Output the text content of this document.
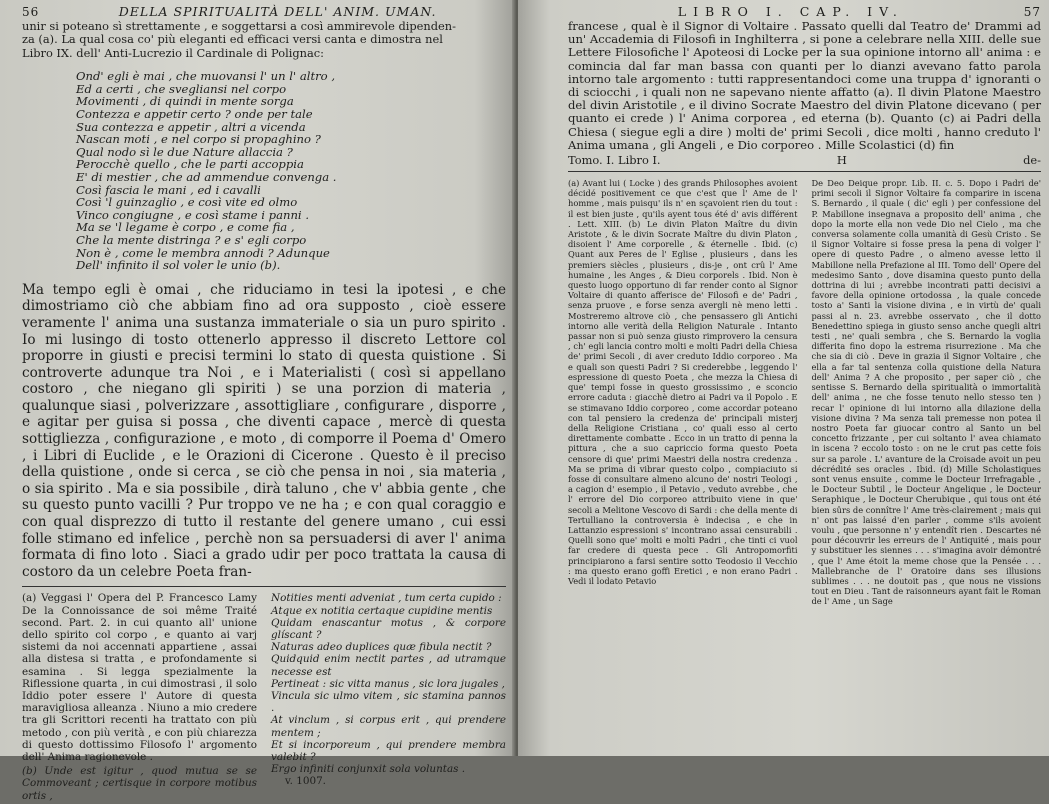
56	DELLA SPIRITUALITÀ DELL' ANIM. UMAN.

unir si poteano sì strettamente , e soggettarsi a così ammirevole dipenden-

za (a). La qual cosa co' più eleganti ed efficaci versi canta e dimostra nel

Libro IX. dell' Anti-Lucrezio il Cardinale di Polignac:

Ond' egli è mai , che muovansi l' un l' altro ,
Ed a certi , che svegliansi nel corpo
Movimenti , di quindi in mente sorga
Contezza e appetir certo ? onde per tale
Sua contezza e appetir , altri a vicenda
Nascan moti , e nel corpo si propaghino ?
Qual nodo sì le due Nature allaccia ?
Perocchè quello , che le parti accoppia
E' di mestier , che ad ammendue convenga .
Così fascia le mani , ed i cavalli
Così 'l guinzaglio , e così vite ed olmo
Vinco congiugne , e così stame i panni .
Ma se 'l legame è corpo , e come fia ,
Che la mente distringa ? e s' egli corpo
Non è , come le membra annodi ? Adunque
Dell' infinito il sol voler le unio (b).

Ma tempo egli è omai , che riduciamo in tesi la ipotesi , e che dimostriamo ciò che abbiam fino ad ora supposto , cioè essere veramente l' anima una sustanza immateriale o sia un puro spirito . Io mi lusingo di tosto ottenerlo appresso il discreto Lettore col proporre in giusti e precisi termini lo stato di questa quistione . Si controverte adunque tra Noi , e i Materialisti ( così si appellano costoro , che niegano gli spiriti ) se una porzion di materia , qualunque siasi , polverizzare , assottigliare , configurare , disporre , e agitar per guisa si possa , che diventi capace , mercè di questa sottigliezza , configurazione , e moto , di comporre il Poema d' Omero , i Libri di Euclide , e le Orazioni di Cicerone . Questo è il preciso della quistione , onde si cerca , se ciò che pensa in noi , sia materia , o sia spirito . Ma e sia possibile , dirà taluno , che v' abbia gente , che su questo punto vacilli ? Pur troppo ve ne ha ; e con qual coraggio e con qual disprezzo di tutto il restante del genere umano , cui essi folle stimano ed infelice , perchè non sa persuadersi di aver l' anima formata di fino loto . Siaci a grado udir per poco trattata la causa di costoro da un celebre Poeta fran-

(a) Veggasi l' Opera del P. Francesco Lamy De la Connoissance de soi même Traité second. Part. 2. in cui quanto all' unione dello spirito col corpo , e quanto ai varj sistemi da noi accennati appartiene , assai alla distesa si tratta , e profondamente si esamina . Si legga spezialmente la Riflessione quarta , in cui dimostrasi , il solo Iddio poter essere l' Autore di questa maravigliosa alleanza . Niuno a mio credere tra gli Scrittori recenti ha trattato con più metodo , con più verità , e con più chiarezza di questo dottissimo Filosofo l' argomento dell' Anima ragionevole .
(b) Unde est igitur , quod mutua se se Commoveant ; certisque in corpore motibus ortis ,
Notities menti adveniat , tum certa cupido :
Atque ex notitia certaque cupidine mentis
Quidam enascantur motus , & corpore glíscant ?
Naturas adeo duplices quæ fibula nectit ?
Quidquid enim nectit partes , ad utramque necesse est
Pertineat : sic vitta manus , sic lora jugales ,
Vincula sic ulmo vitem , sic stamina pannos .
At vinclum , si corpus erit , qui prendere mentem ;
Et si incorporeum , qui prendere membra valebit ?
Ergo infiniti conjunxit sola voluntas .
v. 1007.
LIBRO I. CAP. IV.	57

francese , qual è il Signor di Voltaire . Passato quelli dal Teatro de' Drammi ad un' Accademia di Filosofi in Inghilterra , si pone a celebrare nella XIII. delle sue Lettere Filosofiche l' Apoteosi di Locke per la sua opinione intorno all' anima : e comincia dal far man bassa con quanti per lo dianzi avevano fatto parola intorno tale argomento : tutti rappresentandoci come una truppa d' ignoranti o di sciocchi , i quali non ne sapevano niente affatto (a). Il divin Platone Maestro del divin Aristotile , e il divino Socrate Maestro del divin Platone dicevano ( per quanto ei crede ) l' Anima corporea , ed eterna (b). Quanto (c) ai Padri della Chiesa ( siegue egli a dire ) molti de' primi Secoli , dice molti , hanno creduto l' Anima umana , gli Angeli , e Dio corporeo . Mille Scolastici (d) fin

Tomo. I. Libro I.	H	de-
(a) Avant lui ( Locke ) des grands Philosophes avoient décidé positivement ce que c'est que l' Ame de l' homme , mais puisqu' ils n' en sçavoient rien du tout : il est bien juste , qu'ils ayent tous été d' avis différent . Lett. XIII. (b) Le divin Platon Maître du divin Aristote , & le divin Socrate Maître du divin Platon , disoient l' Ame corporelle , & éternelle . Ibid. (c) Quant aux Peres de l' Eglise , plusieurs , dans les premiers siècles , plusieurs , dis-je , ont crû l' Ame humaine , les Anges , & Dieu corporels . Ibid. Non è questo luogo opportuno di far render conto al Signor Voltaire di quanto afferisce de' Filosofi e de' Padri , senza pruove , e forse senza avergli nè meno letti . Mostreremo altrove ciò , che pensassero gli Antichi intorno alle verità della Religion Naturale . Intanto passar non si può senza giusto rimprovero la censura , ch' egli lancia contro molti e molti Padri della Chiesa de' primi Secoli , di aver creduto Iddio corporeo . Ma e quali son questi Padri ? Si crederebbe , leggendo l' espressione di questo Poeta , che mezza la Chiesa di que' tempi fosse in questo grossissimo , e sconcio errore caduta : giacchè dietro ai Padri va il Popolo . E se stimavano Iddio corporeo , come accordar poteano con tal pensiero la credenza de' principali misterj della Religione Cristiana , co' quali esso al certo direttamente combatte . Ecco in un tratto di penna la pittura , che a suo capriccio forma questo Poeta censore di que' primi Maestri della nostra credenza . Ma se prima di vibrar questo colpo , compiaciuto si fosse di consultare almeno alcuno de' nostri Teologi , a cagion d' esempio , il Petavio , veduto avrebbe , che l' errore del Dio corporeo attribuito viene in que' secoli a Melitone Vescovo di Sardi : che della mente di Tertulliano la controversia è indecisa , e che in Lattanzio espressioni s' incontrano assai censurabili . Quelli sono que' molti e molti Padri , che tinti ci vuol far credere di questa pece . Gli Antropomorfiti principiarono a farsi sentire sotto Teodosio il Vecchio : ma questo erano goffi Eretici , e non erano Padri . Vedi il lodato Petavio
De Deo Deique propr. Lib. II. c. 5. Dopo i Padri de' primi secoli il Signor Voltaire fa comparire in iscena S. Bernardo , il quale ( dic' egli ) per confessione del P. Mabillone insegnava a proposito dell' anima , che dopo la morte ella non vede Dio nel Cielo , ma che conversa solamente colla umanità di Gesù Cristo . Se il Signor Voltaire si fosse presa la pena di volger l' opere di questo Padre , o almeno avesse letto il Mabillone nella Prefazione al III. Tomo dell' Opere del medesimo Santo , dove disamina questo punto della dottrina di lui ; avrebbe incontrati patti decisivi a favore della opinione ortodossa , la quale concede tosto a' Santi la visione divina , e in virtù de' quali passi al n. 23. avrebbe osservato , che il dotto Benedettino spiega in giusto senso anche quegli altri testi , ne' quali sembra , che S. Bernardo la voglia differita fino dopo la estrema risurrezione . Ma che che sia di ciò . Deve in grazia il Signor Voltaire , che ella a far tal sentenza colla quistione della Natura dell' Anima ? A che proposito , per saper ciò , che sentisse S. Bernardo della spiritualità o immortalità dell' anima , ne che fosse tenuto nello stesso ten ) recar l' opinione di lui intorno alla dilazione della visione divina ? Ma senza tali premesse non potea il nostro Poeta far giuocar contro al Santo un bel concetto frizzante , per cui soltanto l' avea chiamato in iscena ? eccolo tosto : on ne le crut pas cette fois sur sa parole . L' avanture de la Croisade avoit un peu décrédité ses oracles . Ibid. (d) Mille Scholastiques sont venus ensuite , comme le Docteur Irrefragable , le Docteur Subtil , le Docteur Angelique , le Docteur Seraphique , le Docteur Cherubique , qui tous ont été bien sûrs de connître l' Ame très-clairement ; mais qui n' ont pas laissé d'en parler , comme s'ils avoient voulu , que personne n' y entendît rien . Descartes né pour découvrir les erreurs de l' Antiquité , mais pour y substituer les siennes . . . s'imagina avoir démontré , que l' Ame étoit la meme chose que la Pensée . . . Mallebranche de l' Oratoire dans ses illusions sublimes . . . ne doutoit pas , que nous ne vissions tout en Dieu . Tant de raisonneurs ayant fait le Roman de l' Ame , un Sage
